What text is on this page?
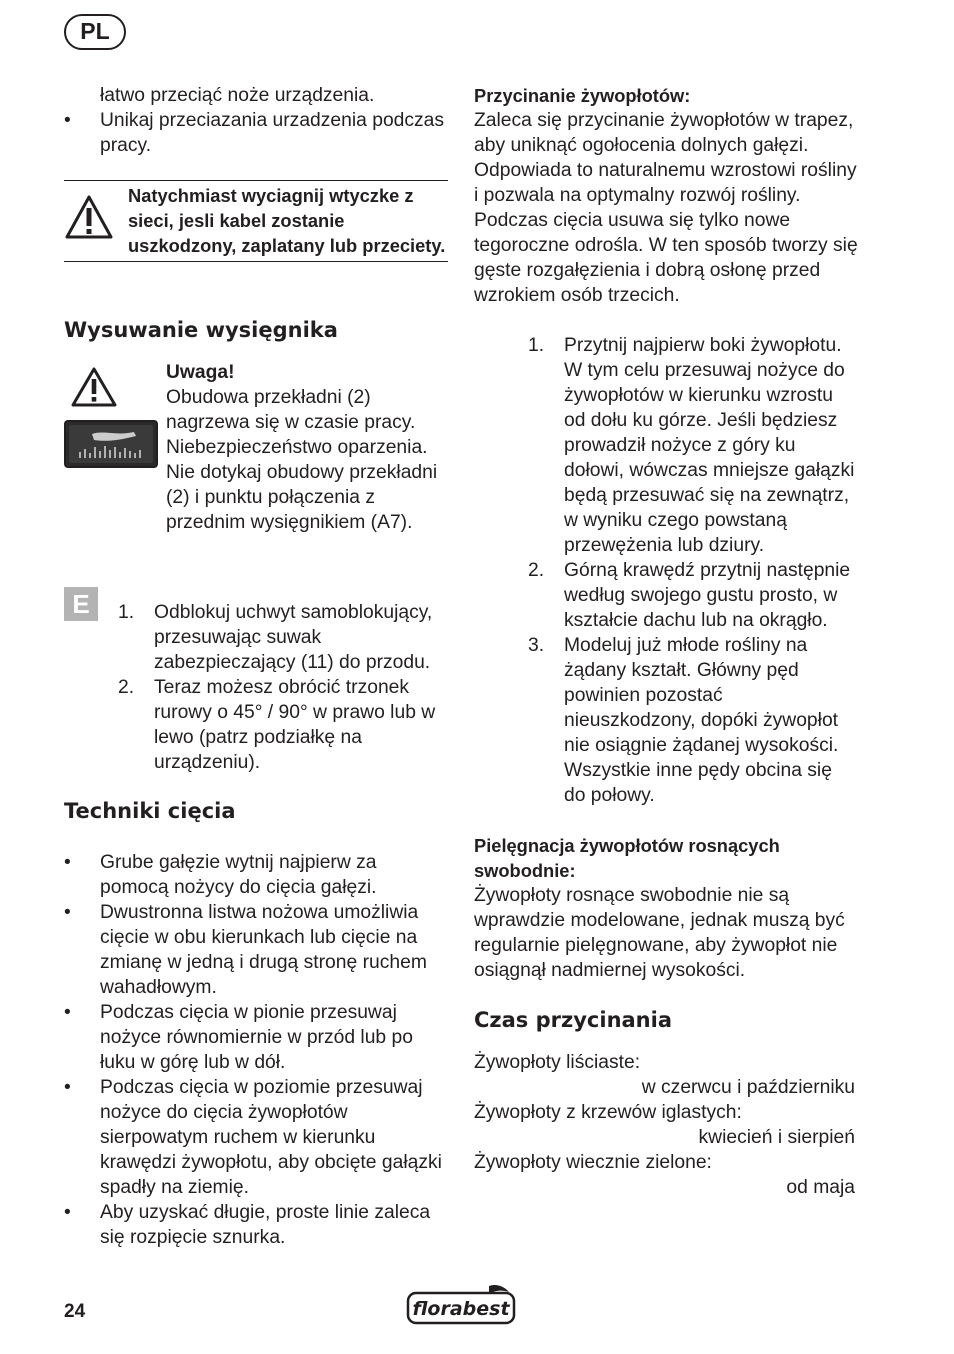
PL

łatwo przeciąć noże urządzenia.

• Unikaj przeciazania urzadzenia podczas pracy.

Natychmiast wyciagnij wtyczke z sieci, jesli kabel zostanie uszkodzony, zaplatany lub przeciety.
Wysuwanie wysięgnika

Uwaga!

Obudowa przekładni (2) nagrzewa się w czasie pracy. Niebezpieczeństwo oparzenia. Nie dotykaj obudowy przekładni (2) i punktu połączenia z przednim wysięgnikiem (A7).

E	1. Odblokuj uchwyt samoblokujący, przesuwając suwak zabezpieczający (11) do przodu.
2. Teraz możesz obrócić trzonek rurowy o 45° / 90° w prawo lub w lewo (patrz podziałkę na urządzeniu).
Techniki cięcia

• Grube gałęzie wytnij najpierw za pomocą nożycy do cięcia gałęzi.

• Dwustronna listwa nożowa umożliwia cięcie w obu kierunkach lub cięcie na zmianę w jedną i drugą stronę ruchem wahadłowym.

• Podczas cięcia w pionie przesuwaj nożyce równomiernie w przód lub po łuku w górę lub w dół.

• Podczas cięcia w poziomie przesuwaj nożyce do cięcia żywopłotów sierpowatym ruchem w kierunku krawędzi żywopłotu, aby obcięte gałązki spadły na ziemię.

• Aby uzyskać długie, proste linie zaleca się rozpięcie sznurka.

Przycinanie żywopłotów:

Zaleca się przycinanie żywopłotów w trapez, aby uniknąć ogołocenia dolnych gałęzi. Odpowiada to naturalnemu wzrostowi rośliny i pozwala na optymalny rozwój rośliny. Podczas cięcia usuwa się tylko nowe tegoroczne odrośla. W ten sposób tworzy się gęste rozgałęzienia i dobrą osłonę przed wzrokiem osób trzecich.

1. Przytnij najpierw boki żywopłotu. W tym celu przesuwaj nożyce do żywopłotów w kierunku wzrostu od dołu ku górze. Jeśli będziesz prowadził nożyce z góry ku dołowi, wówczas mniejsze gałązki będą przesuwać się na zewnątrz, w wyniku czego powstaną przewężenia lub dziury.
2. Górną krawędź przytnij następnie według swojego gustu prosto, w kształcie dachu lub na okrągło.
3. Modeluj już młode rośliny na żądany kształt. Główny pęd powinien pozostać nieuszkodzony, dopóki żywopłot nie osiągnie żądanej wysokości. Wszystkie inne pędy obcina się do połowy.

Pielęgnacja żywopłotów rosnących swobodnie:

Żywopłoty rosnące swobodnie nie są wprawdzie modelowane, jednak muszą być regularnie pielęgnowane, aby żywopłot nie osiągnął nadmiernej wysokości.

Czas przycinania

Żywopłoty liściaste:

w czerwcu i październiku

Żywopłoty z krzewów iglastych:

kwiecień i sierpień

Żywopłoty wiecznie zielone:

od maja

24	florabest
